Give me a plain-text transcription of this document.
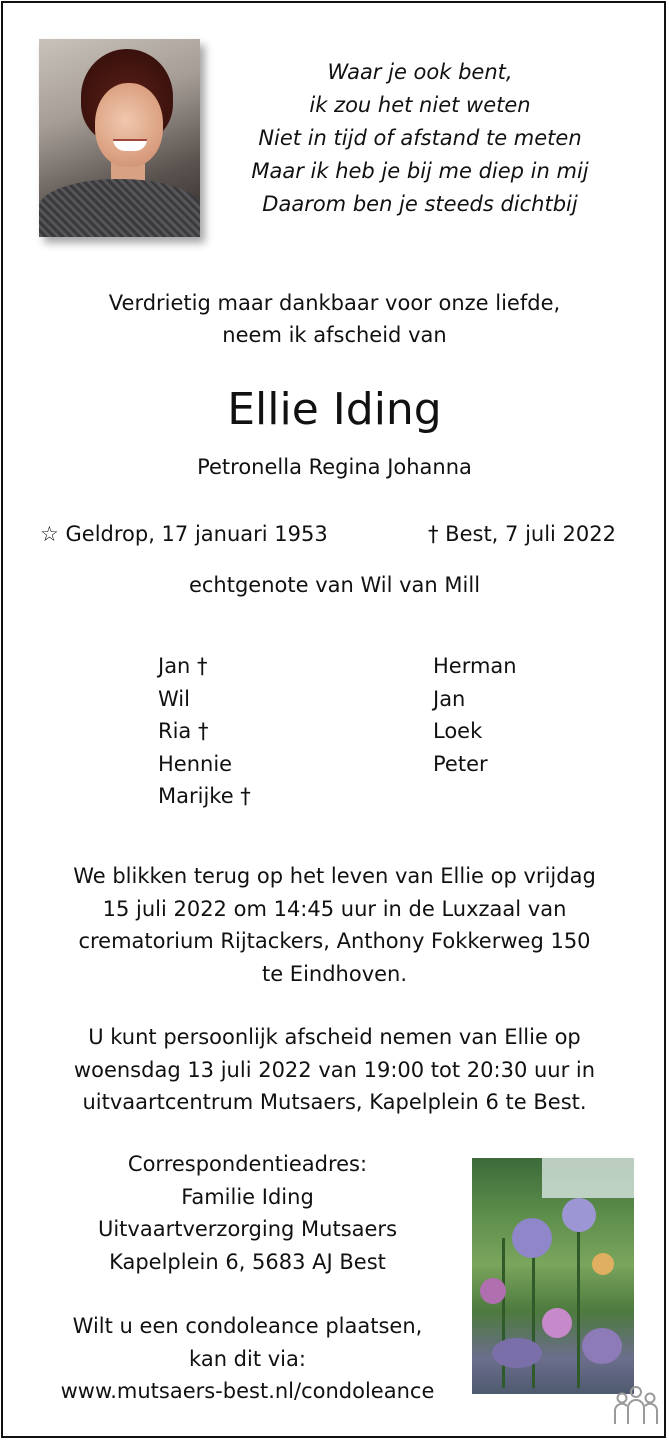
Waar je ook bent,
ik zou het niet weten
Niet in tijd of afstand te meten
Maar ik heb je bij me diep in mij
Daarom ben je steeds dichtbij
Verdrietig maar dankbaar voor onze liefde,
neem ik afscheid van
Ellie Iding
Petronella Regina Johanna
☆ Geldrop, 17 januari 1953	† Best, 7 juli 2022
echtgenote van Wil van Mill
Jan †
Wil
Ria †
Hennie
Marijke †
Herman
Jan
Loek
Peter
We blikken terug op het leven van Ellie op vrijdag
15 juli 2022 om 14:45 uur in de Luxzaal van
crematorium Rijtackers, Anthony Fokkerweg 150
te Eindhoven.
U kunt persoonlijk afscheid nemen van Ellie op
woensdag 13 juli 2022 van 19:00 tot 20:30 uur in
uitvaartcentrum Mutsaers, Kapelplein 6 te Best.
Correspondentieadres:
Familie Iding
Uitvaartverzorging Mutsaers
Kapelplein 6, 5683 AJ Best
Wilt u een condoleance plaatsen,
kan dit via:
www.mutsaers-best.nl/condoleance
